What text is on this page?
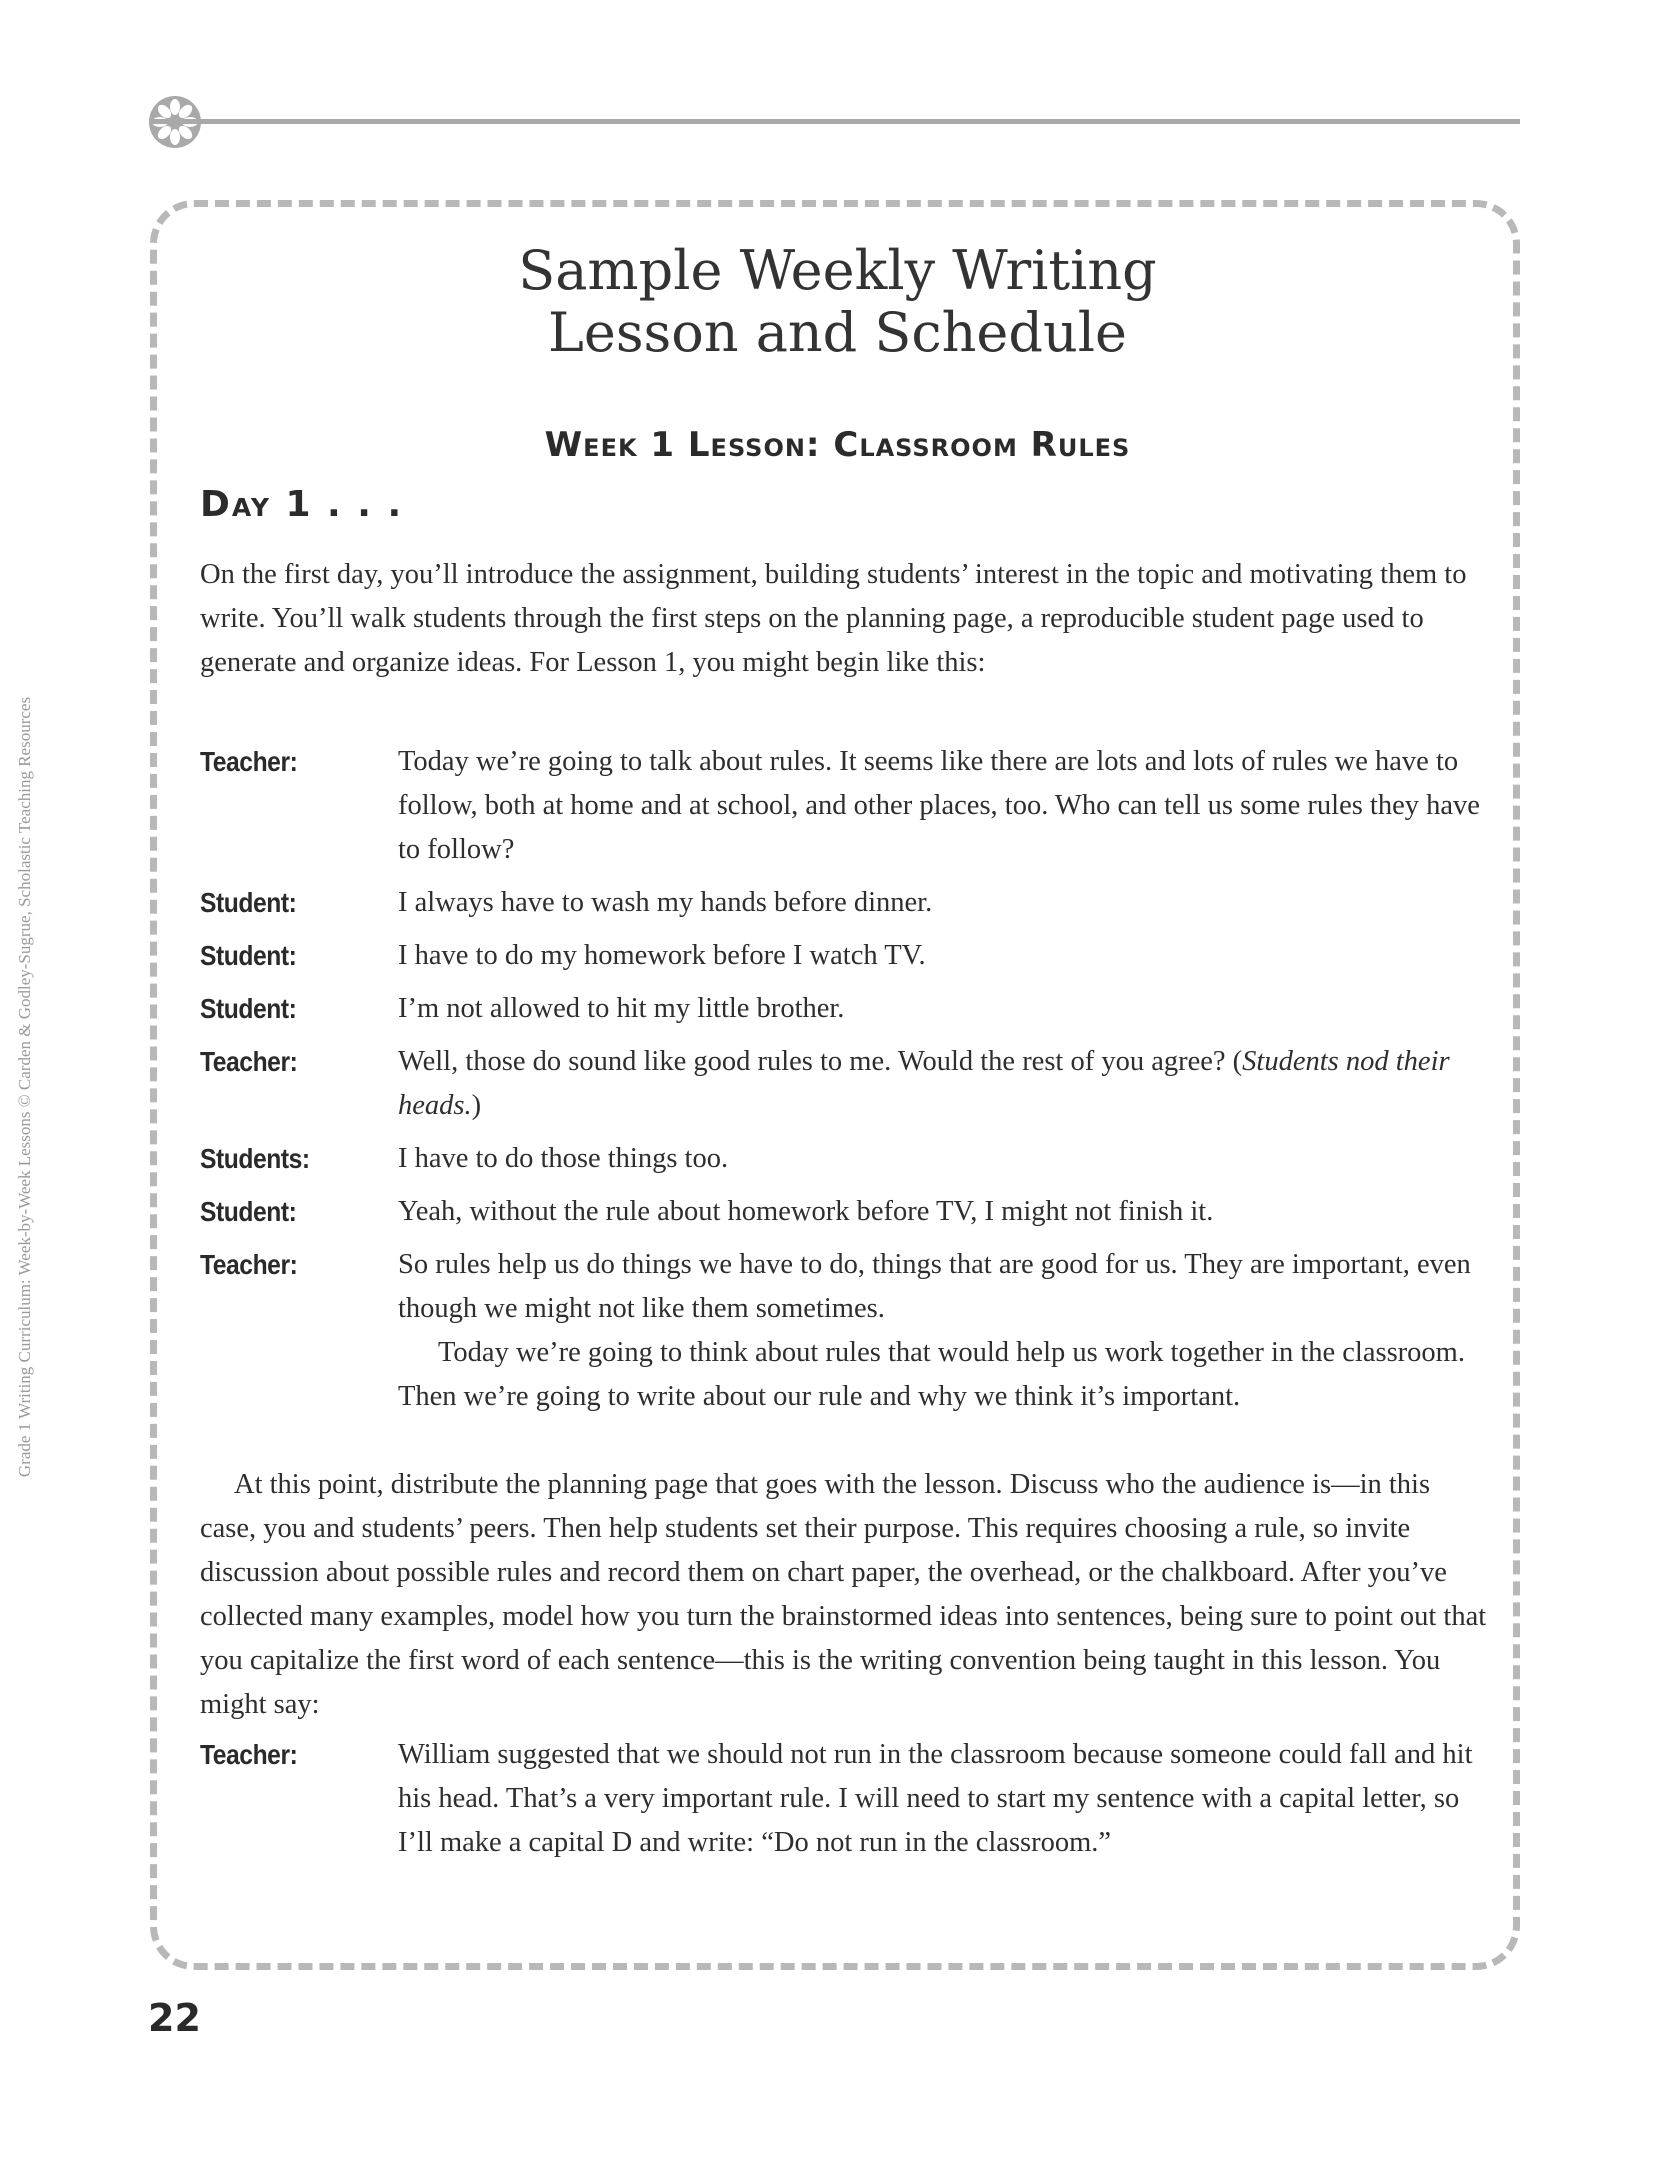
Grade 1 Writing Curriculum: Week-by-Week Lessons © Carden & Godley-Sugrue, Scholastic Teaching Resources
Sample Weekly Writing
Lesson and Schedule
Week 1 Lesson: Classroom Rules
Day 1 . . .

On the first day, you’ll introduce the assignment, building students’ interest in the topic and motivating them to write. You’ll walk students through the first steps on the planning page, a reproducible student page used to generate and organize ideas. For Lesson 1, you might begin like this:

Teacher:	Today we’re going to talk about rules. It seems like there are lots and lots of rules we have to follow, both at home and at school, and other places, too. Who can tell us some rules they have to follow?
Student:	I always have to wash my hands before dinner.
Student:	I have to do my homework before I watch TV.
Student:	I’m not allowed to hit my little brother.
Teacher:	Well, those do sound like good rules to me. Would the rest of you agree? (Students nod their heads.)
Students:	I have to do those things too.
Student:	Yeah, without the rule about homework before TV, I might not finish it.
Teacher:	So rules help us do things we have to do, things that are good for us. They are important, even though we might not like them sometimes.

Today we’re going to think about rules that would help us work together in the classroom. Then we’re going to write about our rule and why we think it’s important.

At this point, distribute the planning page that goes with the lesson. Discuss who the audience is—in this case, you and students’ peers. Then help students set their purpose. This requires choosing a rule, so invite discussion about possible rules and record them on chart paper, the overhead, or the chalkboard. After you’ve collected many examples, model how you turn the brainstormed ideas into sentences, being sure to point out that you capitalize the first word of each sentence—this is the writing convention being taught in this lesson. You might say:

Teacher:	William suggested that we should not run in the classroom because someone could fall and hit his head. That’s a very important rule. I will need to start my sentence with a capital letter, so I’ll make a capital D and write: “Do not run in the classroom.”
22
